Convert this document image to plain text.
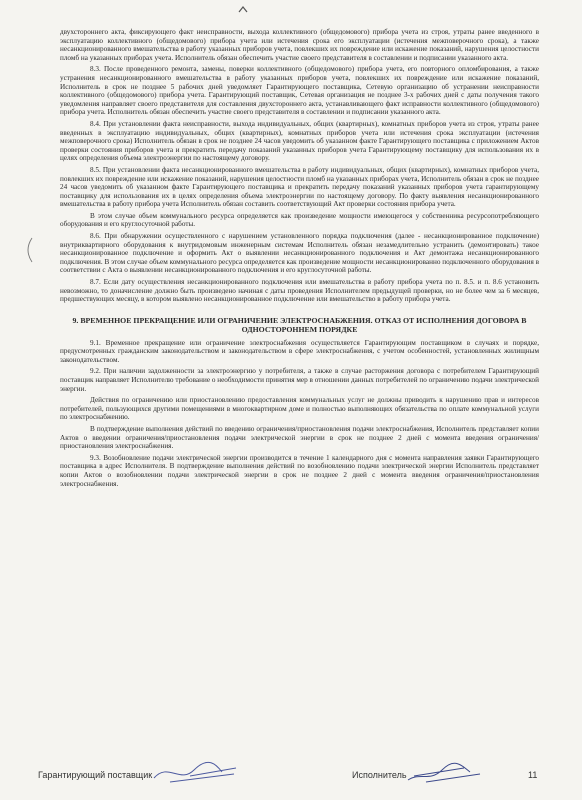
двухстороннего акта, фиксирующего факт неисправности, выхода коллективного (общедомового) прибора учета из строя, утраты ранее введенного в эксплуатацию коллективного (общедомового) прибора учета или истечения срока его эксплуатации (истечения межповерочного срока), а также несанкционированного вмешательства в работу указанных приборов учета, повлекших их повреждение или искажение показаний, нарушения целостности пломб на указанных приборах учета. Исполнитель обязан обеспечить участие своего представителя в составлении и подписании указанного акта.

8.3. После проведенного ремонта, замены, поверки коллективного (общедомового) прибора учета, его повторного опломбирования, а также устранения несанкционированного вмешательства в работу указанных приборов учета, повлекших их повреждение или искажение показаний, Исполнитель в срок не позднее 5 рабочих дней уведомляет Гарантирующего поставщика, Сетевую организацию об устранении неисправности коллективного (общедомового) прибора учета. Гарантирующий поставщик, Сетевая организация не позднее 3-х рабочих дней с даты получения такого уведомления направляет своего представителя для составления двухстороннего акта, устанавливающего факт исправности коллективного (общедомового) прибора учета. Исполнитель обязан обеспечить участие своего представителя в составлении и подписании указанного акта.

8.4. При установлении факта неисправности, выхода индивидуальных, общих (квартирных), комнатных приборов учета из строя, утраты ранее введенных в эксплуатацию индивидуальных, общих (квартирных), комнатных приборов учета или истечения срока эксплуатации (истечения межповерочного срока) Исполнитель обязан в срок не позднее 24 часов уведомить об указанном факте Гарантирующего поставщика с приложением Актов проверки состояния приборов учета и прекратить передачу показаний указанных приборов учета Гарантирующему поставщику для использования их в целях определения объема электроэнергии по настоящему договору.

8.5. При установлении факта несанкционированного вмешательства в работу индивидуальных, общих (квартирных), комнатных приборов учета, повлекших их повреждение или искажение показаний, нарушения целостности пломб на указанных приборах учета, Исполнитель обязан в срок не позднее 24 часов уведомить об указанном факте Гарантирующего поставщика и прекратить передачу показаний указанных приборов учета гарантирующему поставщику для использования их в целях определения объема электроэнергии по настоящему договору. По факту выявления несанкционированного вмешательства в работу прибора учета Исполнитель обязан составить соответствующий Акт проверки состояния прибора учета.

В этом случае объем коммунального ресурса определяется как произведение мощности имеющегося у собственника ресурсопотребляющего оборудования и его круглосуточной работы.

8.6. При обнаружении осуществленного с нарушением установленного порядка подключения (далее - несанкционированное подключение) внутриквартирного оборудования к внутридомовым инженерным системам Исполнитель обязан незамедлительно устранить (демонтировать) такое несанкционированное подключение и оформить Акт о выявлении несанкционированного подключения и Акт демонтажа несанкционированного подключения. В этом случае объем коммунального ресурса определяется как произведение мощности несанкционированно подключенного оборудования в соответствии с Акта о выявлении несанкционированного подключения и его круглосуточной работы.

8.7. Если дату осуществления несанкционированного подключения или вмешательства в работу прибора учета по п. 8.5. и п. 8.6 установить невозможно, то доначисление должно быть произведено начиная с даты проведения Исполнителем предыдущей проверки, но не более чем за 6 месяцев, предшествующих месяцу, в котором выявлено несанкционированное подключение или вмешательство в работу прибора учета.

9. ВРЕМЕННОЕ ПРЕКРАЩЕНИЕ ИЛИ ОГРАНИЧЕНИЕ ЭЛЕКТРОСНАБЖЕНИЯ. ОТКАЗ ОТ ИСПОЛНЕНИЯ ДОГОВОРА В ОДНОСТОРОННЕМ ПОРЯДКЕ

9.1. Временное прекращение или ограничение электроснабжения осуществляется Гарантирующим поставщиком в случаях и порядке, предусмотренных гражданским законодательством и законодательством в сфере электроснабжения, с учетом особенностей, установленных жилищным законодательством.

9.2. При наличии задолженности за электроэнергию у потребителя, а также в случае расторжения договора с потребителем Гарантирующий поставщик направляет Исполнителю требование о необходимости принятия мер в отношении данных потребителей по ограничению подачи электрической энергии.

Действия по ограничению или приостановлению предоставления коммунальных услуг не должны приводить к нарушению прав и интересов потребителей, пользующихся другими помещениями в многоквартирном доме и полностью выполняющих обязательства по оплате коммунальной услуги по электроснабжению.

В подтверждение выполнения действий по введению ограничения/приостановления подачи электроснабжения, Исполнитель представляет копии Актов о введении ограничения/приостановления подачи электрической энергии в срок не позднее 2 дней с момента введения ограничения/приостановления электроснабжения.

9.3. Возобновление подачи электрической энергии производится в течение 1 календарного дня с момента направления заявки Гарантирующего поставщика в адрес Исполнителя. В подтверждение выполнения действий по возобновлению подачи электрической энергии Исполнитель представляет копии Актов о возобновлении подачи электрической энергии в срок не позднее 2 дней с момента введения ограничения/приостановления электроснабжения.

Гарантирующий поставщик	Исполнитель	11
